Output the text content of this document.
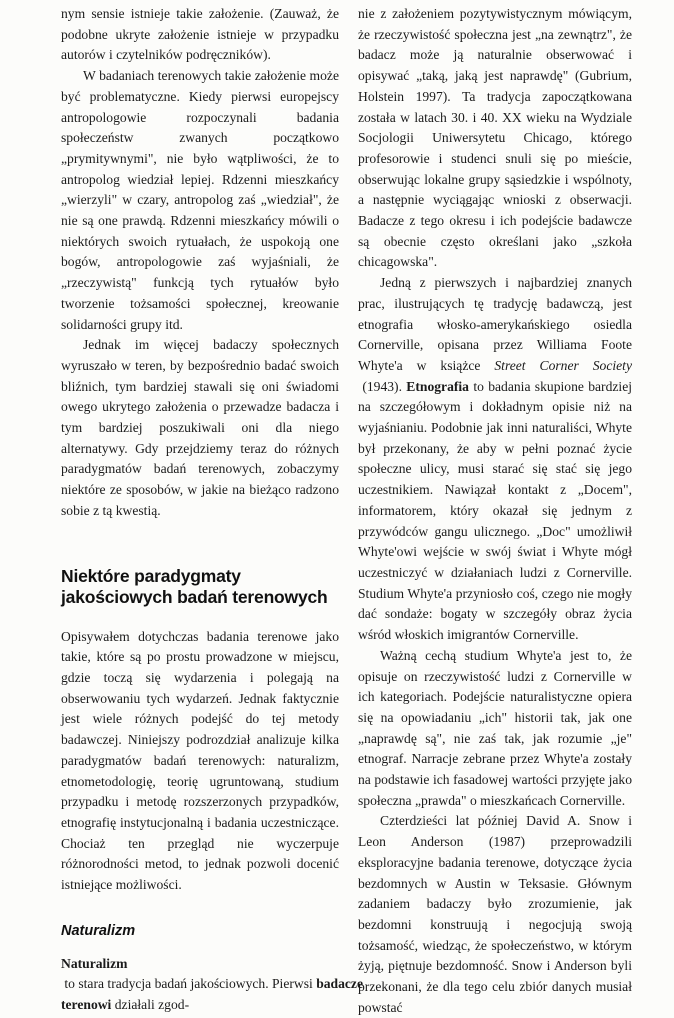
nym sensie istnieje takie założenie. (Zauważ, że podobne ukryte założenie istnieje w przypadku autorów i czytelników podręczników).

W badaniach terenowych takie założenie może być problematyczne. Kiedy pierwsi europejscy antropologowie rozpoczynali badania społeczeństw zwanych początkowo „prymitywnymi", nie było wątpliwości, że to antropolog wiedział lepiej. Rdzenni mieszkańcy „wierzyli" w czary, antropolog zaś „wiedział", że nie są one prawdą. Rdzenni mieszkańcy mówili o niektórych swoich rytuałach, że uspokoją one bogów, antropologowie zaś wyjaśniali, że „rzeczywistą" funkcją tych rytuałów było tworzenie tożsamości społecznej, kreowanie solidarności grupy itd.

Jednak im więcej badaczy społecznych wyruszało w teren, by bezpośrednio badać swoich bliźnich, tym bardziej stawali się oni świadomi owego ukrytego założenia o przewadze badacza i tym bardziej poszukiwali oni dla niego alternatywy. Gdy przejdziemy teraz do różnych paradygmatów badań terenowych, zobaczymy niektóre ze sposobów, w jakie na bieżąco radzono sobie z tą kwestią.

Niektóre paradygmaty
jakościowych badań terenowych

Opisywałem dotychczas badania terenowe jako takie, które są po prostu prowadzone w miejscu, gdzie toczą się wydarzenia i polegają na obserwowaniu tych wydarzeń. Jednak faktycznie jest wiele różnych podejść do tej metody badawczej. Niniejszy podrozdział analizuje kilka paradygmatów badań terenowych: naturalizm, etnometodologię, teorię ugruntowaną, studium przypadku i metodę rozszerzonych przypadków, etnografię instytucjonalną i badania uczestniczące. Chociaż ten przegląd nie wyczerpuje różnorodności metod, to jednak pozwoli docenić istniejące możliwości.

Naturalizm

Naturalizm to stara tradycja badań jakościowych. Pierwsi badacze terenowi działali zgod-

nie z założeniem pozytywistycznym mówiącym, że rzeczywistość społeczna jest „na zewnątrz", że badacz może ją naturalnie obserwować i opisywać „taką, jaką jest naprawdę" (Gubrium, Holstein 1997). Ta tradycja zapoczątkowana została w latach 30. i 40. XX wieku na Wydziale Socjologii Uniwersytetu Chicago, którego profesorowie i studenci snuli się po mieście, obserwując lokalne grupy sąsiedzkie i wspólnoty, a następnie wyciągając wnioski z obserwacji. Badacze z tego okresu i ich podejście badawcze są obecnie często określani jako „szkoła chicagowska".

Jedną z pierwszych i najbardziej znanych prac, ilustrujących tę tradycję badawczą, jest etnografia włosko-amerykańskiego osiedla Cornerville, opisana przez Williama Foote Whyte'a w książce Street Corner Society (1943). Etnografia to badania skupione bardziej na szczegółowym i dokładnym opisie niż na wyjaśnianiu. Podobnie jak inni naturaliści, Whyte był przekonany, że aby w pełni poznać życie społeczne ulicy, musi starać się stać się jego uczestnikiem. Nawiązał kontakt z „Docem", informatorem, który okazał się jednym z przywódców gangu ulicznego. „Doc" umożliwił Whyte'owi wejście w swój świat i Whyte mógł uczestniczyć w działaniach ludzi z Cornerville. Studium Whyte'a przyniosło coś, czego nie mogły dać sondaże: bogaty w szczegóły obraz życia wśród włoskich imigrantów Cornerville.

Ważną cechą studium Whyte'a jest to, że opisuje on rzeczywistość ludzi z Cornerville w ich kategoriach. Podejście naturalistyczne opiera się na opowiadaniu „ich" historii tak, jak one „naprawdę są", nie zaś tak, jak rozumie „je" etnograf. Narracje zebrane przez Whyte'a zostały na podstawie ich fasadowej wartości przyjęte jako społeczna „prawda" o mieszkańcach Cornerville.

Czterdzieści lat później David A. Snow i Leon Anderson (1987) przeprowadzili eksploracyjne badania terenowe, dotyczące życia bezdomnych w Austin w Teksasie. Głównym zadaniem badaczy było zrozumienie, jak bezdomni konstruują i negocjują swoją tożsamość, wiedząc, że społeczeństwo, w którym żyją, piętnuje bezdomność. Snow i Anderson byli przekonani, że dla tego celu zbiór danych musiał powstać
